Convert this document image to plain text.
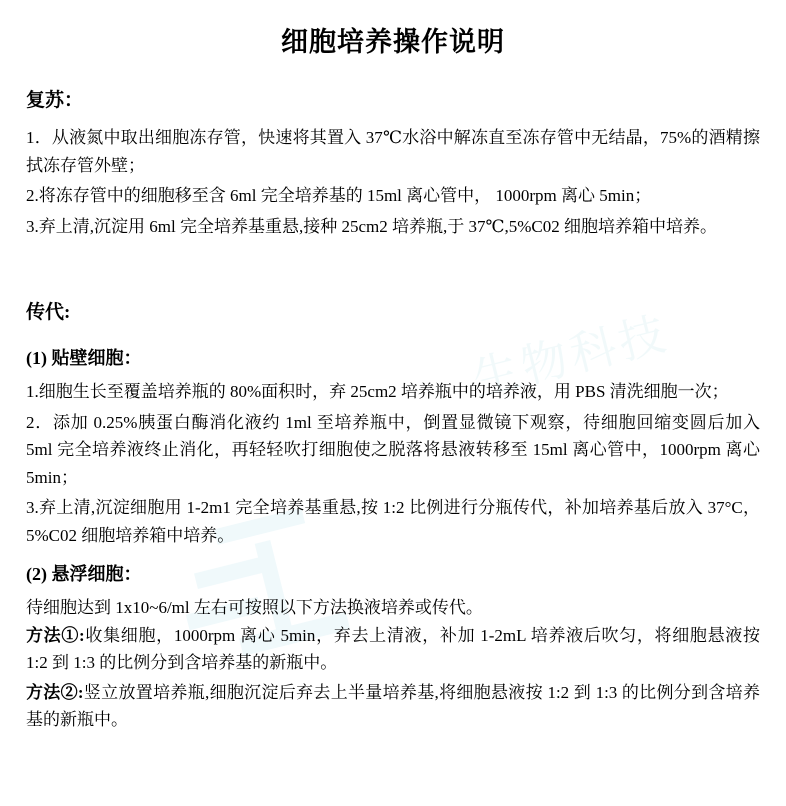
生物科技
细胞培养操作说明
复苏：

1．从液氮中取出细胞冻存管，快速将其置入 37℃水浴中解冻直至冻存管中无结晶，75%的酒精擦拭冻存管外壁；

2.将冻存管中的细胞移至含 6ml 完全培养基的 15ml 离心管中， 1000rpm 离心 5min；

3.弃上清,沉淀用 6ml 完全培养基重悬,接种 25cm2 培养瓶,于 37℃,5%C02 细胞培养箱中培养。

传代:
(1) 贴壁细胞：

1.细胞生长至覆盖培养瓶的 80%面积时，弃 25cm2 培养瓶中的培养液，用 PBS 清洗细胞一次；

2．添加 0.25%胰蛋白酶消化液约 1ml 至培养瓶中，倒置显微镜下观察，待细胞回缩变圆后加入 5ml 完全培养液终止消化，再轻轻吹打细胞使之脱落将悬液转移至 15ml 离心管中，1000rpm 离心 5min；

3.弃上清,沉淀细胞用 1-2m1 完全培养基重悬,按 1:2 比例进行分瓶传代，补加培养基后放入 37°C，5%C02 细胞培养箱中培养。

(2) 悬浮细胞：

待细胞达到 1x10~6/ml 左右可按照以下方法换液培养或传代。

方法①:收集细胞，1000rpm 离心 5min，弃去上清液，补加 1-2mL 培养液后吹匀，将细胞悬液按 1:2 到 1:3 的比例分到含培养基的新瓶中。

方法②:竖立放置培养瓶,细胞沉淀后弃去上半量培养基,将细胞悬液按 1:2 到 1:3 的比例分到含培养基的新瓶中。
